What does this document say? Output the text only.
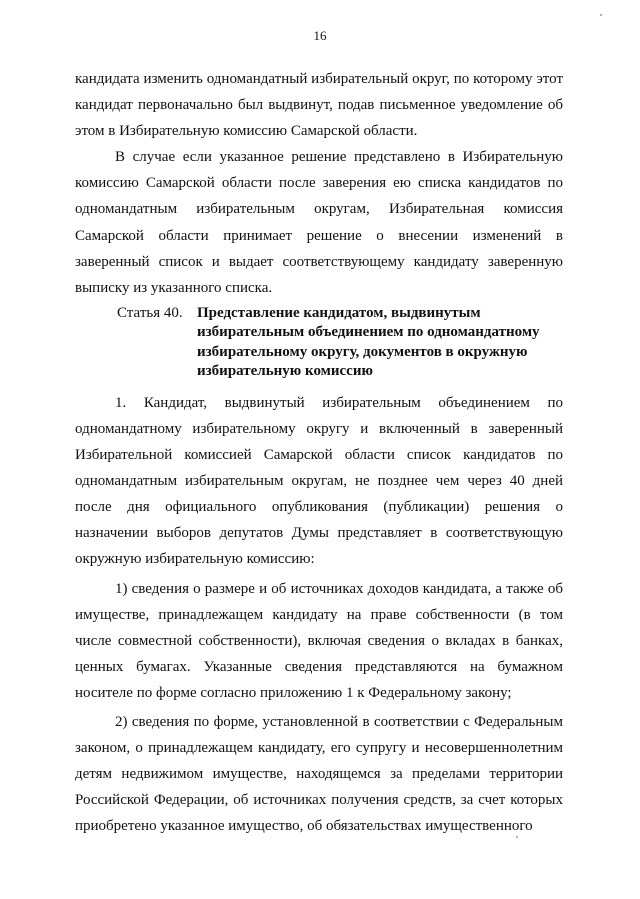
16

кандидата изменить одномандатный избирательный округ, по которому этот кандидат первоначально был выдвинут, подав письменное уведомление об этом в Избирательную комиссию Самарской области.

В случае если указанное решение представлено в Избирательную комиссию Самарской области после заверения ею списка кандидатов по одномандатным избирательным округам, Избирательная комиссия Самарской области принимает решение о внесении изменений в заверенный список и выдает соответствующему кандидату заверенную выписку из указанного списка.

Статья 40. Представление кандидатом, выдвинутым избирательным объединением по одномандатному избирательному округу, документов в окружную избирательную комиссию

1. Кандидат, выдвинутый избирательным объединением по одномандатному избирательному округу и включенный в заверенный Избирательной комиссией Самарской области список кандидатов по одномандатным избирательным округам, не позднее чем через 40 дней после дня официального опубликования (публикации) решения о назначении выборов депутатов Думы представляет в соответствующую окружную избирательную комиссию:

1) сведения о размере и об источниках доходов кандидата, а также об имуществе, принадлежащем кандидату на праве собственности (в том числе совместной собственности), включая сведения о вкладах в банках, ценных бумагах. Указанные сведения представляются на бумажном носителе по форме согласно приложению 1 к Федеральному закону;

2) сведения по форме, установленной в соответствии с Федеральным законом, о принадлежащем кандидату, его супругу и несовершеннолетним детям недвижимом имуществе, находящемся за пределами территории Российской Федерации, об источниках получения средств, за счет которых приобретено указанное имущество, об обязательствах имущественного
